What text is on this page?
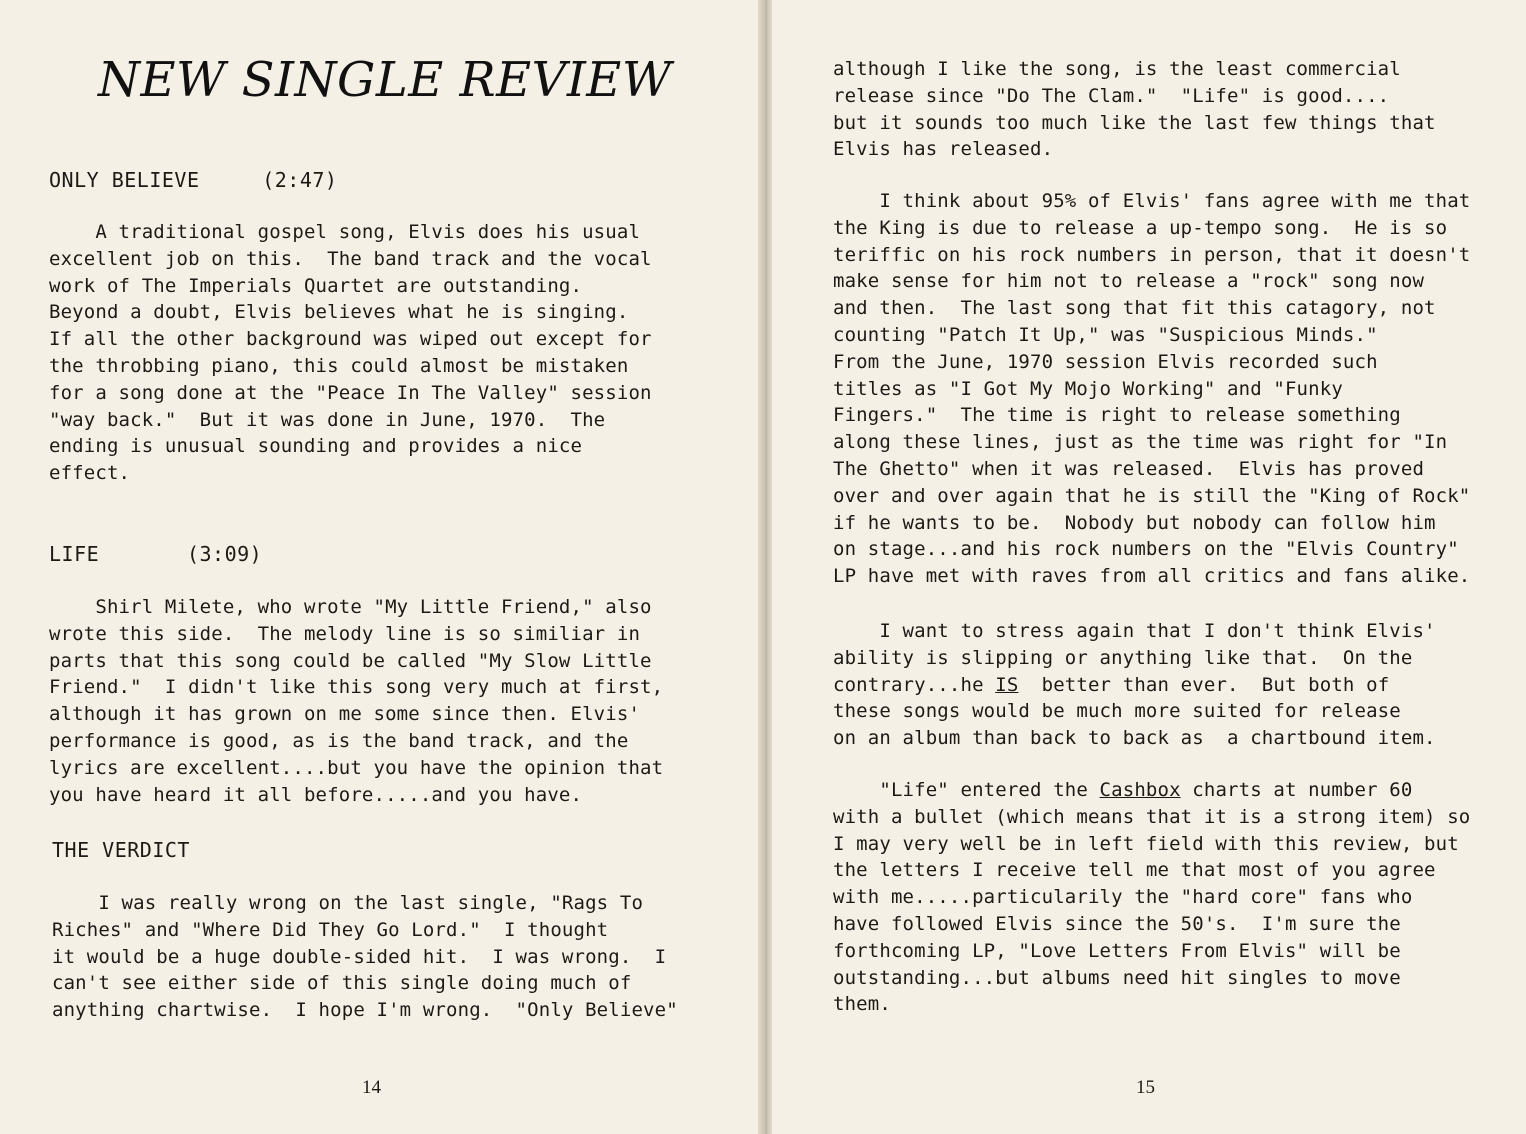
NEW SINGLE REVIEW
ONLY BELIEVE     (2:47)
A traditional gospel song, Elvis does his usual
excellent job on this.  The band track and the vocal
work of The Imperials Quartet are outstanding.
Beyond a doubt, Elvis believes what he is singing.
If all the other background was wiped out except for
the throbbing piano, this could almost be mistaken
for a song done at the "Peace In The Valley" session
"way back."  But it was done in June, 1970.  The
ending is unusual sounding and provides a nice
effect.
LIFE       (3:09)
Shirl Milete, who wrote "My Little Friend," also
wrote this side.  The melody line is so similiar in
parts that this song could be called "My Slow Little
Friend."  I didn't like this song very much at first,
although it has grown on me some since then. Elvis'
performance is good, as is the band track, and the
lyrics are excellent....but you have the opinion that
you have heard it all before.....and you have.
THE VERDICT
I was really wrong on the last single, "Rags To
Riches" and "Where Did They Go Lord."  I thought
it would be a huge double-sided hit.  I was wrong.  I
can't see either side of this single doing much of
anything chartwise.  I hope I'm wrong.  "Only Believe"
14
although I like the song, is the least commercial
release since "Do The Clam."  "Life" is good....
but it sounds too much like the last few things that
Elvis has released.
I think about 95% of Elvis' fans agree with me that
the King is due to release a up-tempo song.  He is so
teriffic on his rock numbers in person, that it doesn't
make sense for him not to release a "rock" song now
and then.  The last song that fit this catagory, not
counting "Patch It Up," was "Suspicious Minds."
From the June, 1970 session Elvis recorded such
titles as "I Got My Mojo Working" and "Funky
Fingers."  The time is right to release something
along these lines, just as the time was right for "In
The Ghetto" when it was released.  Elvis has proved
over and over again that he is still the "King of Rock"
if he wants to be.  Nobody but nobody can follow him
on stage...and his rock numbers on the "Elvis Country"
LP have met with raves from all critics and fans alike.
I want to stress again that I don't think Elvis'
ability is slipping or anything like that.  On the
contrary...he IS  better than ever.  But both of
these songs would be much more suited for release
on an album than back to back as  a chartbound item.
"Life" entered the Cashbox charts at number 60
with a bullet (which means that it is a strong item) so
I may very well be in left field with this review, but
the letters I receive tell me that most of you agree
with me.....particularily the "hard core" fans who
have followed Elvis since the 50's.  I'm sure the
forthcoming LP, "Love Letters From Elvis" will be
outstanding...but albums need hit singles to move
them.
15
